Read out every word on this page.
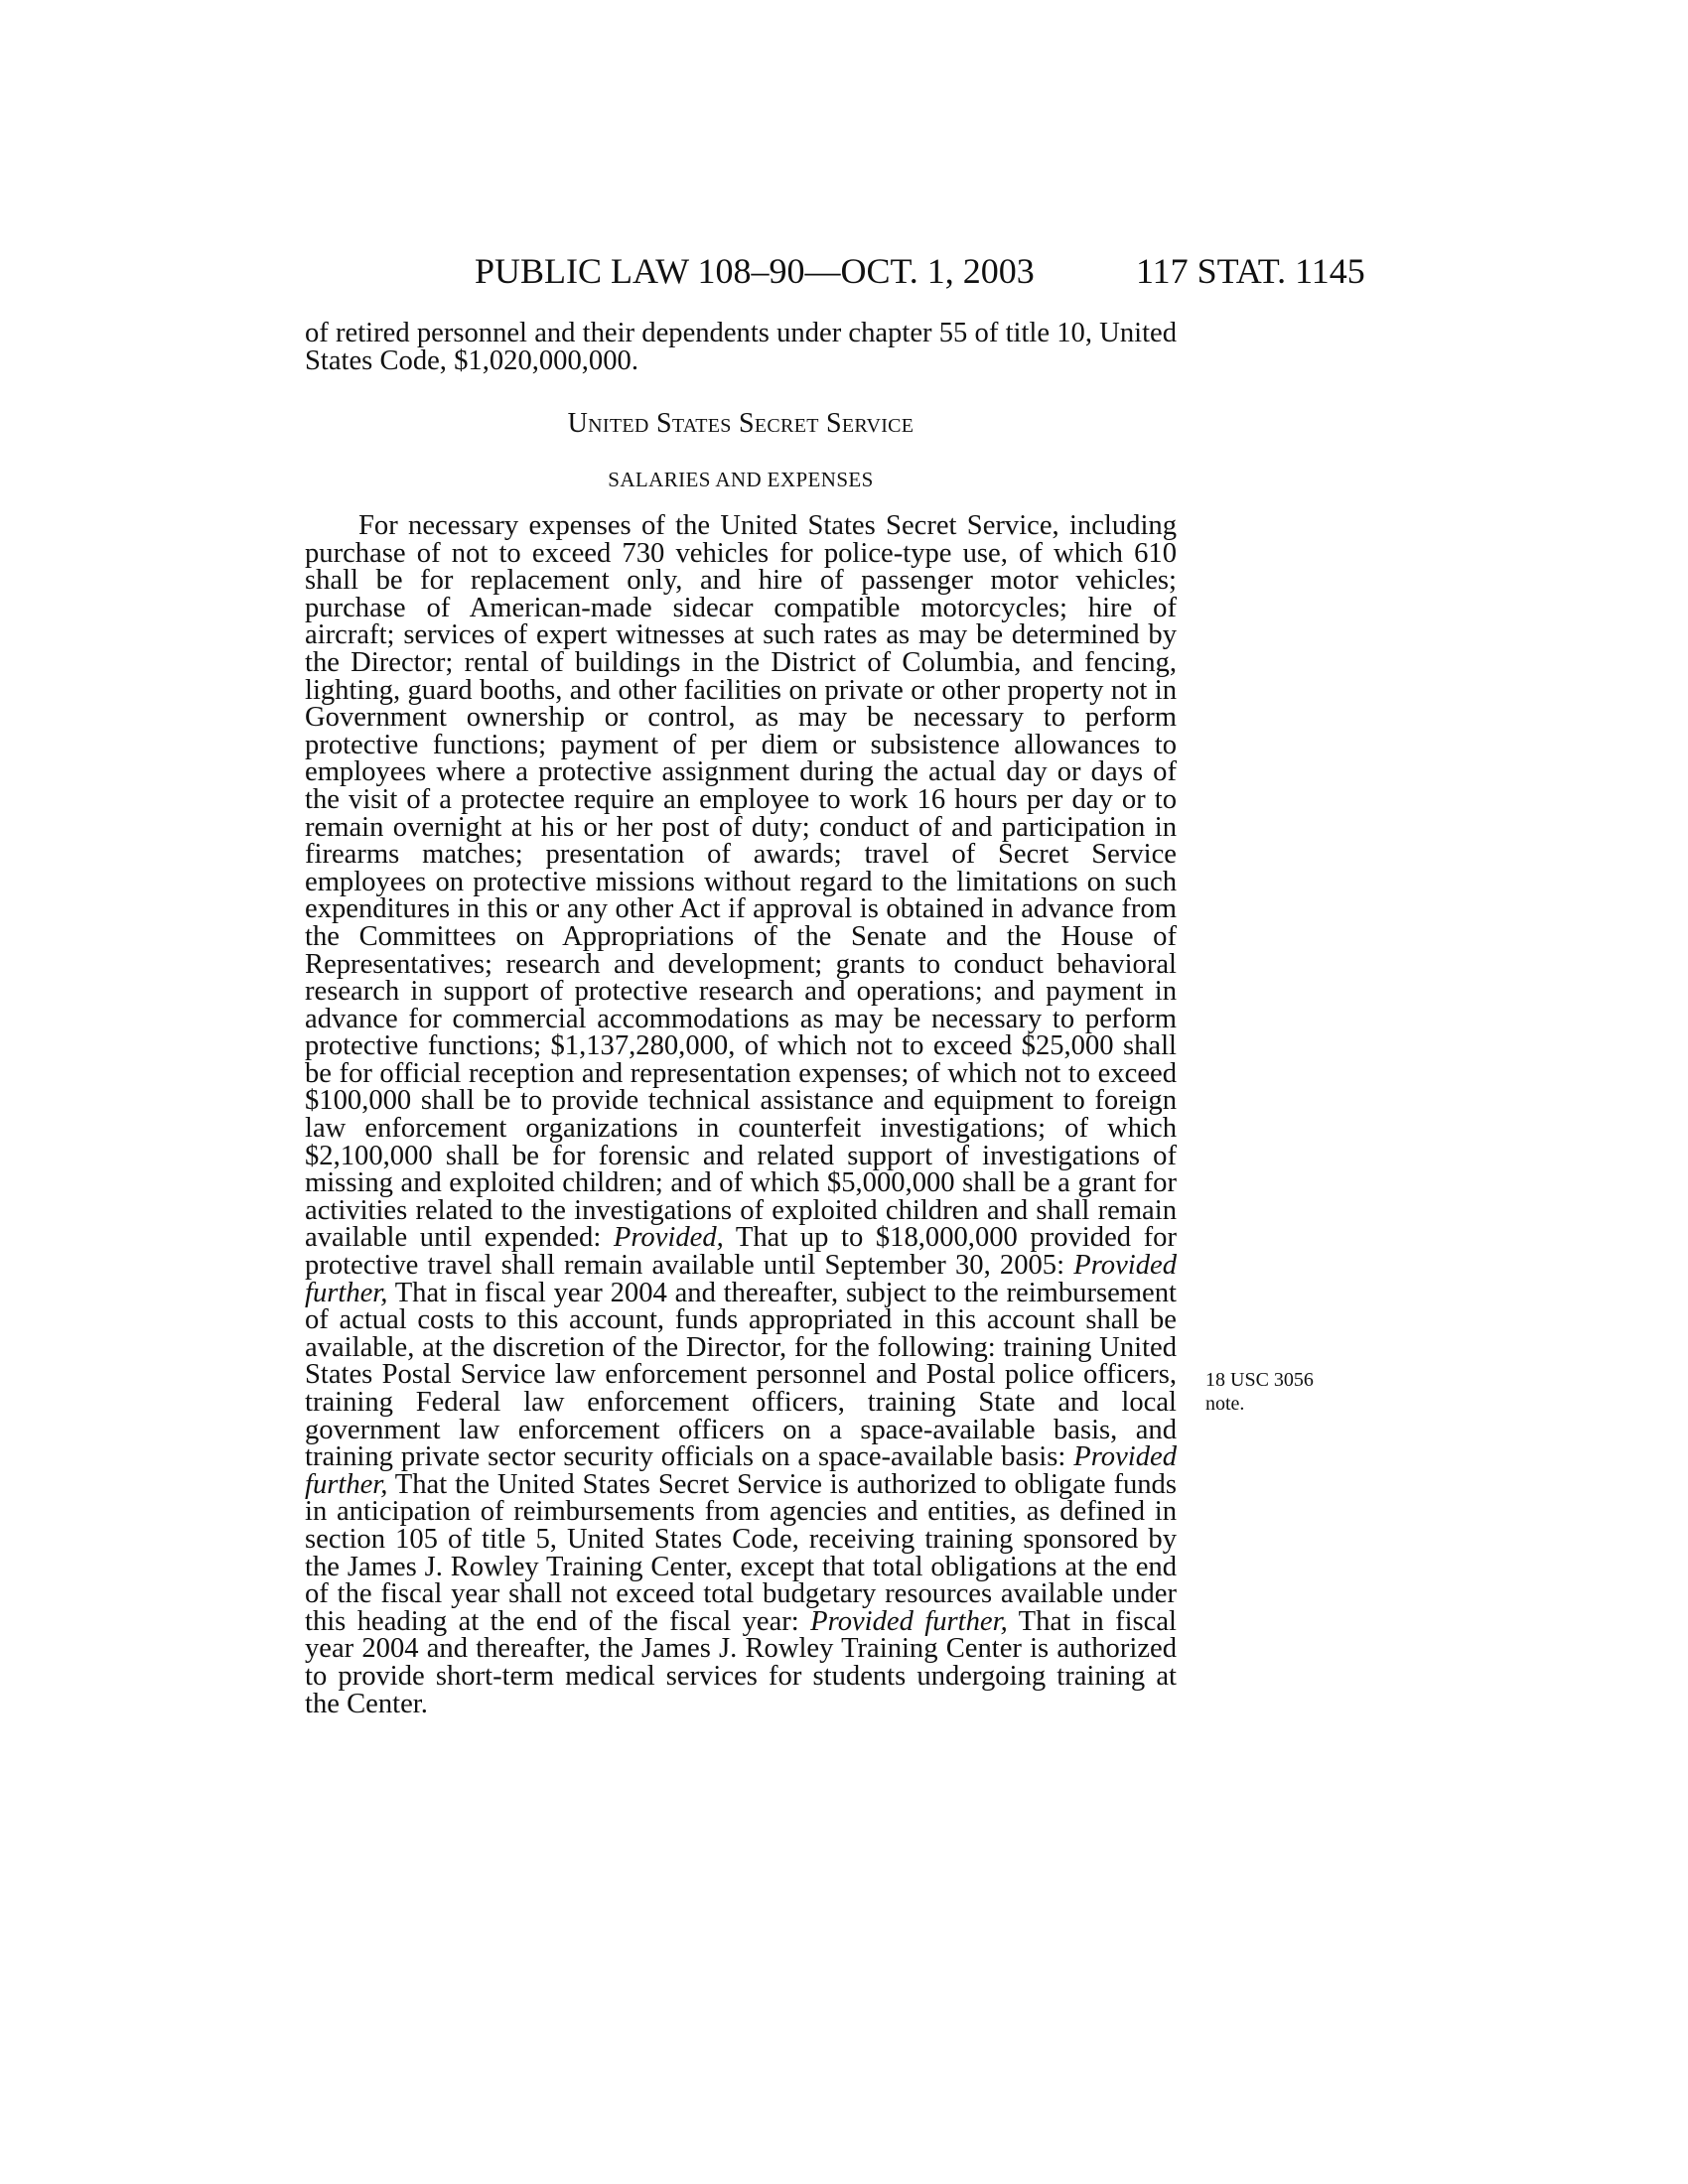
PUBLIC LAW 108–90—OCT. 1, 2003	117 STAT. 1145
of retired personnel and their dependents under chapter 55 of title 10, United States Code, $1,020,000,000.
United States Secret Service
SALARIES AND EXPENSES
For necessary expenses of the United States Secret Service, including purchase of not to exceed 730 vehicles for police-type use, of which 610 shall be for replacement only, and hire of passenger motor vehicles; purchase of American-made sidecar compatible motorcycles; hire of aircraft; services of expert witnesses at such rates as may be determined by the Director; rental of buildings in the District of Columbia, and fencing, lighting, guard booths, and other facilities on private or other property not in Government ownership or control, as may be necessary to perform protective functions; payment of per diem or subsistence allowances to employees where a protective assignment during the actual day or days of the visit of a protectee require an employee to work 16 hours per day or to remain overnight at his or her post of duty; conduct of and participation in firearms matches; presentation of awards; travel of Secret Service employees on protective missions without regard to the limitations on such expenditures in this or any other Act if approval is obtained in advance from the Committees on Appropriations of the Senate and the House of Representatives; research and development; grants to conduct behavioral research in support of protective research and operations; and payment in advance for commercial accommodations as may be necessary to perform protective functions; $1,137,280,000, of which not to exceed $25,000 shall be for official reception and representation expenses; of which not to exceed $100,000 shall be to provide technical assistance and equipment to foreign law enforcement organizations in counterfeit investigations; of which $2,100,000 shall be for forensic and related support of investigations of missing and exploited children; and of which $5,000,000 shall be a grant for activities related to the investigations of exploited children and shall remain available until expended: Provided, That up to $18,000,000 provided for protective travel shall remain available until September 30, 2005: Provided further, That in fiscal year 2004 and thereafter, subject to the reimbursement of actual costs to this account, funds appropriated in this account shall be available, at the discretion of the Director, for the following: training United States Postal Service law enforcement personnel and Postal police officers, training Federal law enforcement officers, training State and local government law enforcement officers on a space-available basis, and training private sector security officials on a space-available basis: Provided further, That the United States Secret Service is authorized to obligate funds in anticipation of reimbursements from agencies and entities, as defined in section 105 of title 5, United States Code, receiving training sponsored by the James J. Rowley Training Center, except that total obligations at the end of the fiscal year shall not exceed total budgetary resources available under this heading at the end of the fiscal year: Provided further, That in fiscal year 2004 and thereafter, the James J. Rowley Training Center is authorized to provide short-term medical services for students undergoing training at the Center.
18 USC 3056
note.
